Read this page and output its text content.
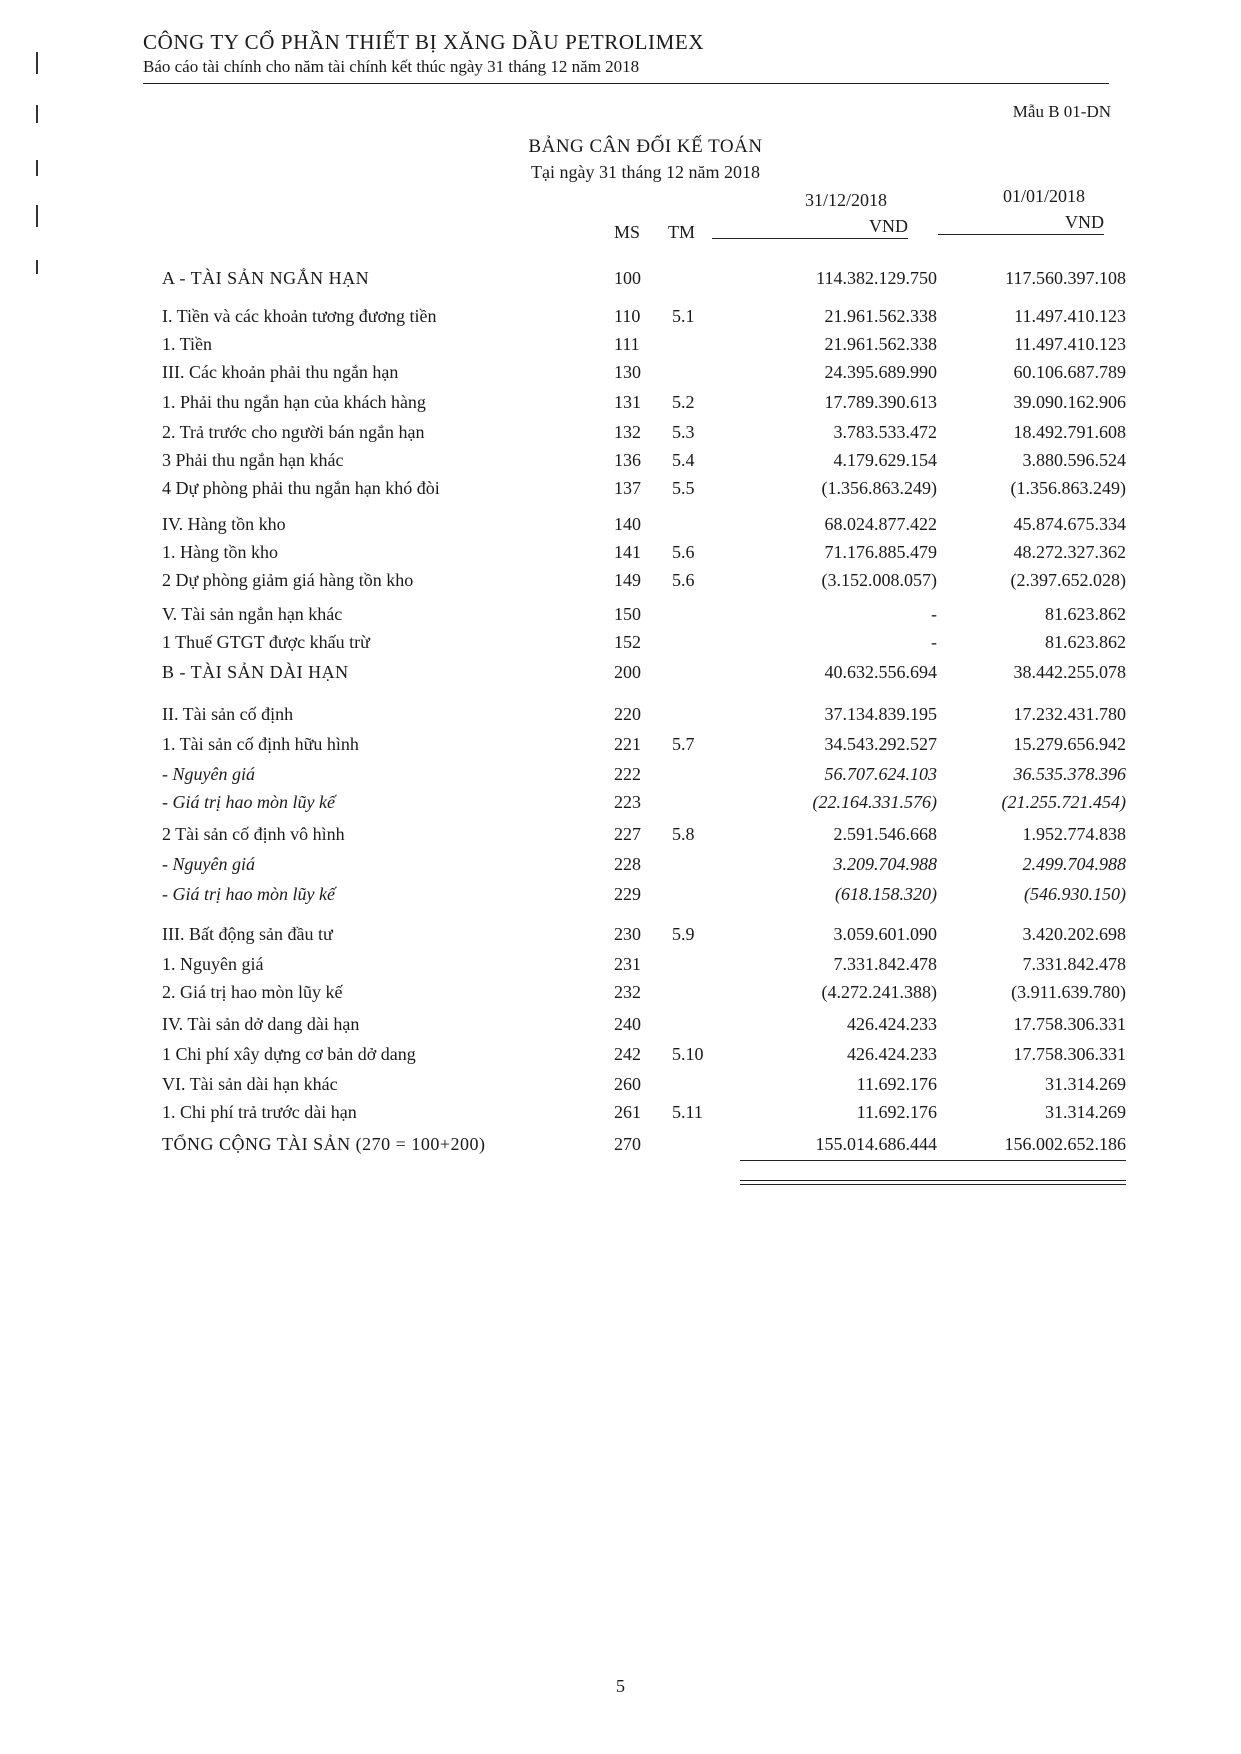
CÔNG TY CỔ PHẦN THIẾT BỊ XĂNG DẦU PETROLIMEX
Báo cáo tài chính cho năm tài chính kết thúc ngày 31 tháng 12 năm 2018
Mẫu B 01-DN
BẢNG CÂN ĐỐI KẾ TOÁN
Tại ngày 31 tháng 12 năm 2018
MS TM
31/12/2018
VND
01/01/2018
VND
A - TÀI SẢN NGẮN HẠN	100	114.382.129.750	117.560.397.108
I. Tiền và các khoản tương đương tiền	110	5.1	21.961.562.338	11.497.410.123
1. Tiền	111	21.961.562.338	11.497.410.123
III. Các khoản phải thu ngắn hạn	130	24.395.689.990	60.106.687.789
1. Phải thu ngắn hạn của khách hàng	131	5.2	17.789.390.613	39.090.162.906
2. Trả trước cho người bán ngắn hạn	132	5.3	3.783.533.472	18.492.791.608
3 Phải thu ngắn hạn khác	136	5.4	4.179.629.154	3.880.596.524
4 Dự phòng phải thu ngắn hạn khó đòi	137	5.5	(1.356.863.249)	(1.356.863.249)
IV. Hàng tồn kho	140	68.024.877.422	45.874.675.334
1. Hàng tồn kho	141	5.6	71.176.885.479	48.272.327.362
2 Dự phòng giảm giá hàng tồn kho	149	5.6	(3.152.008.057)	(2.397.652.028)
V. Tài sản ngắn hạn khác	150	-	81.623.862
1 Thuế GTGT được khấu trừ	152	-	81.623.862
B - TÀI SẢN DÀI HẠN	200	40.632.556.694	38.442.255.078
II. Tài sản cố định	220	37.134.839.195	17.232.431.780
1. Tài sản cố định hữu hình	221	5.7	34.543.292.527	15.279.656.942
- Nguyên giá	222	56.707.624.103	36.535.378.396
- Giá trị hao mòn lũy kế	223	(22.164.331.576)	(21.255.721.454)
2 Tài sản cố định vô hình	227	5.8	2.591.546.668	1.952.774.838
- Nguyên giá	228	3.209.704.988	2.499.704.988
- Giá trị hao mòn lũy kế	229	(618.158.320)	(546.930.150)
III. Bất động sản đầu tư	230	5.9	3.059.601.090	3.420.202.698
1. Nguyên giá	231	7.331.842.478	7.331.842.478
2. Giá trị hao mòn lũy kế	232	(4.272.241.388)	(3.911.639.780)
IV. Tài sản dở dang dài hạn	240	426.424.233	17.758.306.331
1 Chi phí xây dựng cơ bản dở dang	242	5.10	426.424.233	17.758.306.331
VI. Tài sản dài hạn khác	260	11.692.176	31.314.269
1. Chi phí trả trước dài hạn	261	5.11	11.692.176	31.314.269
TỔNG CỘNG TÀI SẢN (270 = 100+200)	270	155.014.686.444	156.002.652.186
5
